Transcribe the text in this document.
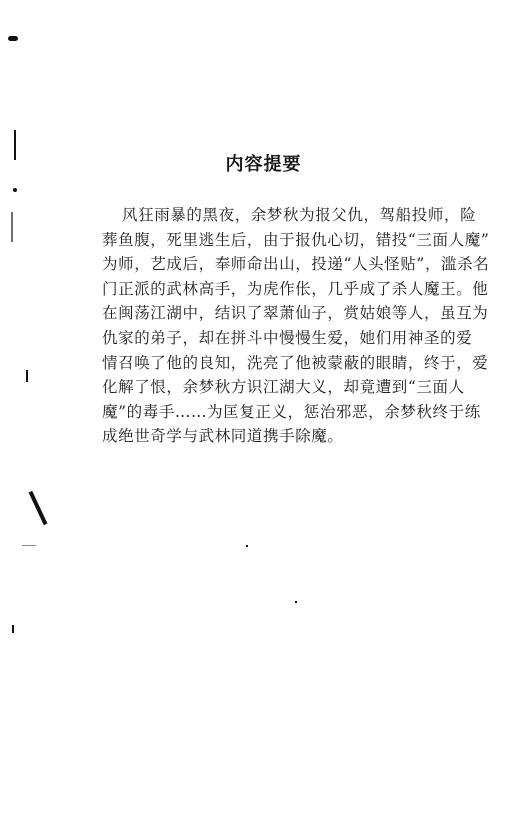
内容提要
风狂雨暴的黑夜，余梦秋为报父仇，驾船投师，险
葬鱼腹，死里逃生后，由于报仇心切，错投“三面人魔”
为师，艺成后，奉师命出山，投递“人头怪贴”，滥杀名
门正派的武林高手，为虎作伥，几乎成了杀人魔王。他
在闽荡江湖中，结识了翠萧仙子，赏姑娘等人，虽互为
仇家的弟子，却在拼斗中慢慢生爱，她们用神圣的爱
情召唤了他的良知，洗亮了他被蒙蔽的眼睛，终于，爱
化解了恨，余梦秋方识江湖大义，却竟遭到“三面人
魔”的毒手……为匡复正义，惩治邪恶，余梦秋终于练
成绝世奇学与武林同道携手除魔。
